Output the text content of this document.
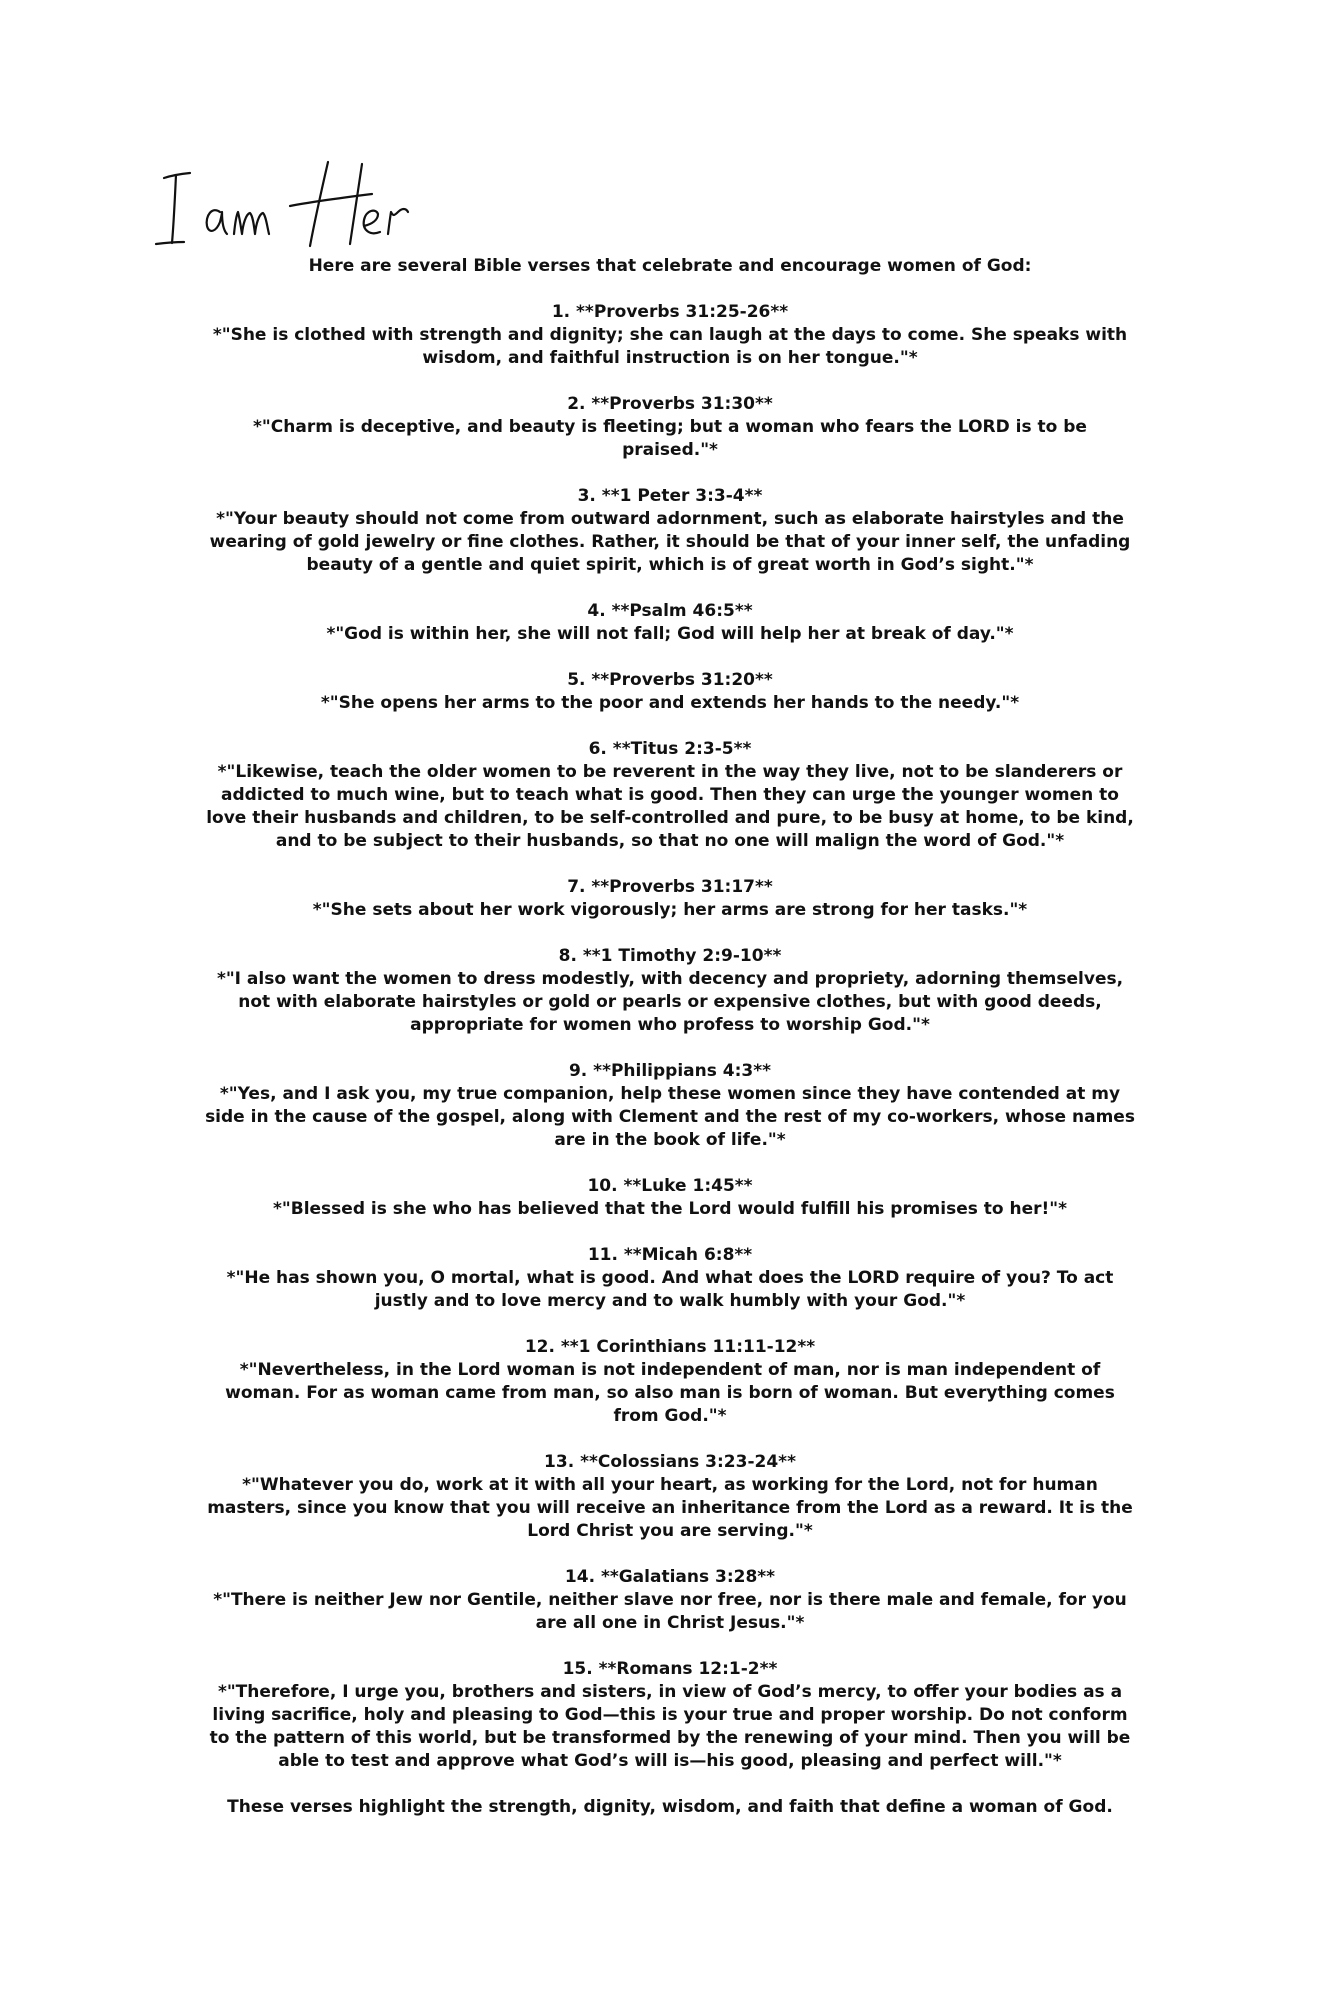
Here are several Bible verses that celebrate and encourage women of God:

1. **Proverbs 31:25-26**
*"She is clothed with strength and dignity; she can laugh at the days to come. She speaks with wisdom, and faithful instruction is on her tongue."*
2. **Proverbs 31:30**
*"Charm is deceptive, and beauty is fleeting; but a woman who fears the LORD is to be praised."*
3. **1 Peter 3:3-4**
*"Your beauty should not come from outward adornment, such as elaborate hairstyles and the wearing of gold jewelry or fine clothes. Rather, it should be that of your inner self, the unfading beauty of a gentle and quiet spirit, which is of great worth in God’s sight."*
4. **Psalm 46:5**
*"God is within her, she will not fall; God will help her at break of day."*
5. **Proverbs 31:20**
*"She opens her arms to the poor and extends her hands to the needy."*
6. **Titus 2:3-5**
*"Likewise, teach the older women to be reverent in the way they live, not to be slanderers or addicted to much wine, but to teach what is good. Then they can urge the younger women to love their husbands and children, to be self-controlled and pure, to be busy at home, to be kind, and to be subject to their husbands, so that no one will malign the word of God."*
7. **Proverbs 31:17**
*"She sets about her work vigorously; her arms are strong for her tasks."*
8. **1 Timothy 2:9-10**
*"I also want the women to dress modestly, with decency and propriety, adorning themselves, not with elaborate hairstyles or gold or pearls or expensive clothes, but with good deeds, appropriate for women who profess to worship God."*
9. **Philippians 4:3**
*"Yes, and I ask you, my true companion, help these women since they have contended at my side in the cause of the gospel, along with Clement and the rest of my co-workers, whose names are in the book of life."*
10. **Luke 1:45**
*"Blessed is she who has believed that the Lord would fulfill his promises to her!"*
11. **Micah 6:8**
*"He has shown you, O mortal, what is good. And what does the LORD require of you? To act justly and to love mercy and to walk humbly with your God."*
12. **1 Corinthians 11:11-12**
*"Nevertheless, in the Lord woman is not independent of man, nor is man independent of woman. For as woman came from man, so also man is born of woman. But everything comes from God."*
13. **Colossians 3:23-24**
*"Whatever you do, work at it with all your heart, as working for the Lord, not for human masters, since you know that you will receive an inheritance from the Lord as a reward. It is the Lord Christ you are serving."*
14. **Galatians 3:28**
*"There is neither Jew nor Gentile, neither slave nor free, nor is there male and female, for you are all one in Christ Jesus."*
15. **Romans 12:1-2**
*"Therefore, I urge you, brothers and sisters, in view of God’s mercy, to offer your bodies as a living sacrifice, holy and pleasing to God—this is your true and proper worship. Do not conform to the pattern of this world, but be transformed by the renewing of your mind. Then you will be able to test and approve what God’s will is—his good, pleasing and perfect will."*

These verses highlight the strength, dignity, wisdom, and faith that define a woman of God.
